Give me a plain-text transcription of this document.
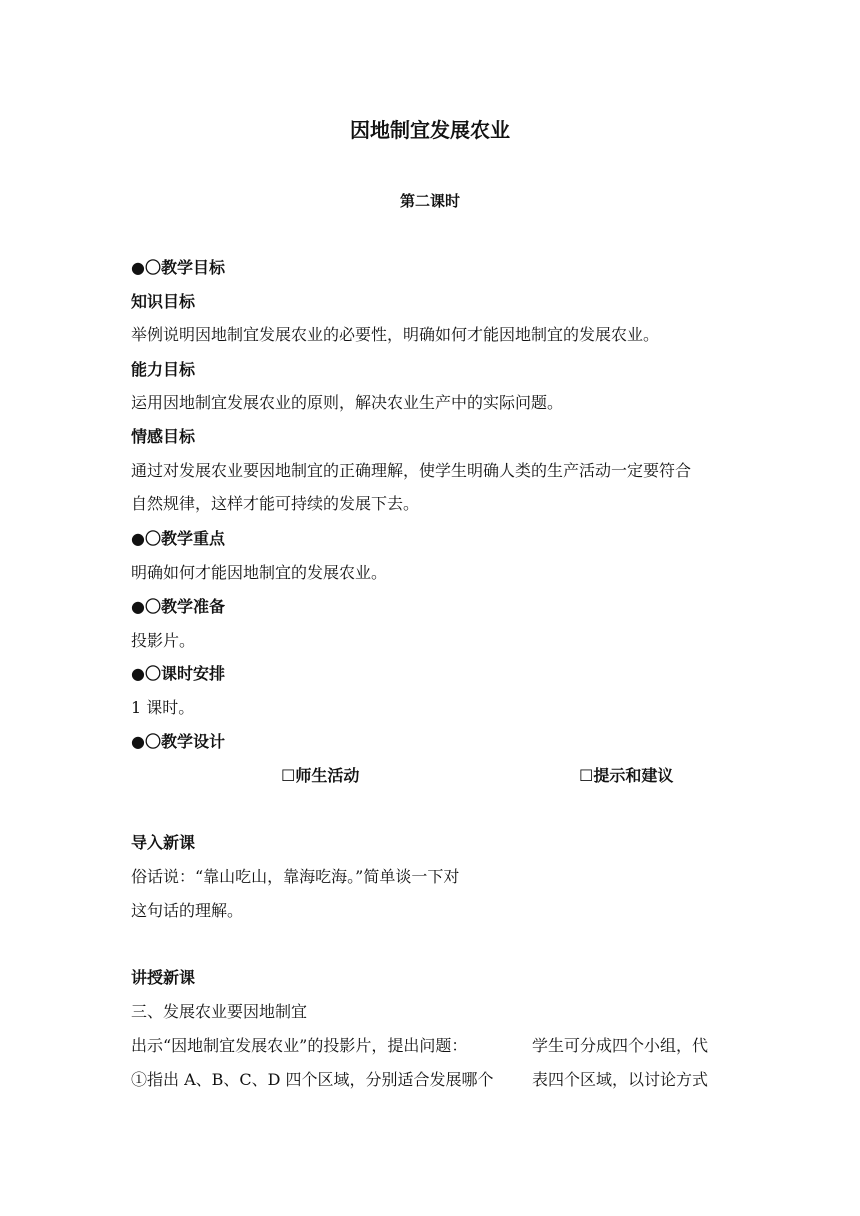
因地制宜发展农业
第二课时
●〇教学目标
知识目标
举例说明因地制宜发展农业的必要性，明确如何才能因地制宜的发展农业。
能力目标
运用因地制宜发展农业的原则，解决农业生产中的实际问题。
情感目标
通过对发展农业要因地制宜的正确理解，使学生明确人类的生产活动一定要符合
自然规律，这样才能可持续的发展下去。
●〇教学重点
明确如何才能因地制宜的发展农业。
●〇教学准备
投影片。
●〇课时安排
1 课时。
●〇教学设计
☐师生活动	☐提示和建议
导入新课
俗话说：“靠山吃山，靠海吃海。”简单谈一下对
这句话的理解。
讲授新课
三、发展农业要因地制宜
出示“因地制宜发展农业”的投影片，提出问题：
①指出 A、B、C、D 四个区域，分别适合发展哪个
学生可分成四个小组，代
表四个区域，以讨论方式
